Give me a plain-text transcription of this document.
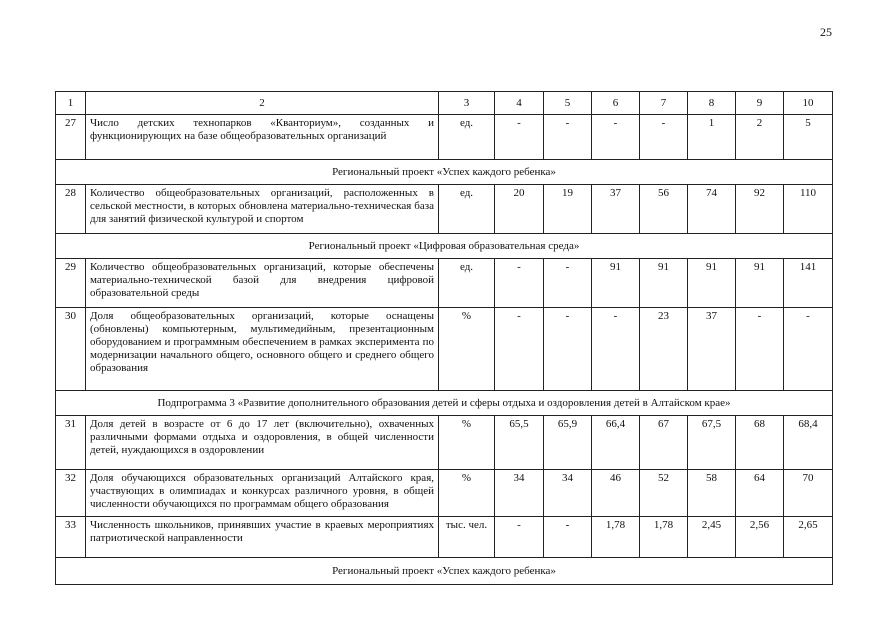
25
1	2	3	4	5	6	7	8	9	10
27	Число детских технопарков «Кванториум», созданных и функционирующих на базе общеобразовательных организаций	ед.	-	-	-	-	1	2	5
Региональный проект «Успех каждого ребенка»									
28	Количество общеобразовательных организаций, расположенных в сельской местности, в которых обновлена материально-техническая база для занятий физической культурой и спортом	ед.	20	19	37	56	74	92	110
Региональный проект «Цифровая образовательная среда»									
29	Количество общеобразовательных организаций, которые обеспечены материально-технической базой для внедрения цифровой образовательной среды	ед.	-	-	91	91	91	91	141
30	Доля общеобразовательных организаций, которые оснащены (обновлены) компьютерным, мультимедийным, презентационным оборудованием и программным обеспечением в рамках эксперимента по модернизации начального общего, основного общего и среднего общего образования	%	-	-	-	23	37	-	-
Подпрограмма 3 «Развитие дополнительного образования детей и сферы отдыха и оздоровления детей в Алтайском крае»									
31	Доля детей в возрасте от 6 до 17 лет (включительно), охваченных различными формами отдыха и оздоровления, в общей численности детей, нуждающихся в оздоровлении	%	65,5	65,9	66,4	67	67,5	68	68,4
32	Доля обучающихся образовательных организаций Алтайского края, участвующих в олимпиадах и конкурсах различного уровня, в общей численности обучающихся по программам общего образования	%	34	34	46	52	58	64	70
33	Численность школьников, принявших участие в краевых мероприятиях патриотической направленности	тыс. чел.	-	-	1,78	1,78	2,45	2,56	2,65
Региональный проект «Успех каждого ребенка»									
